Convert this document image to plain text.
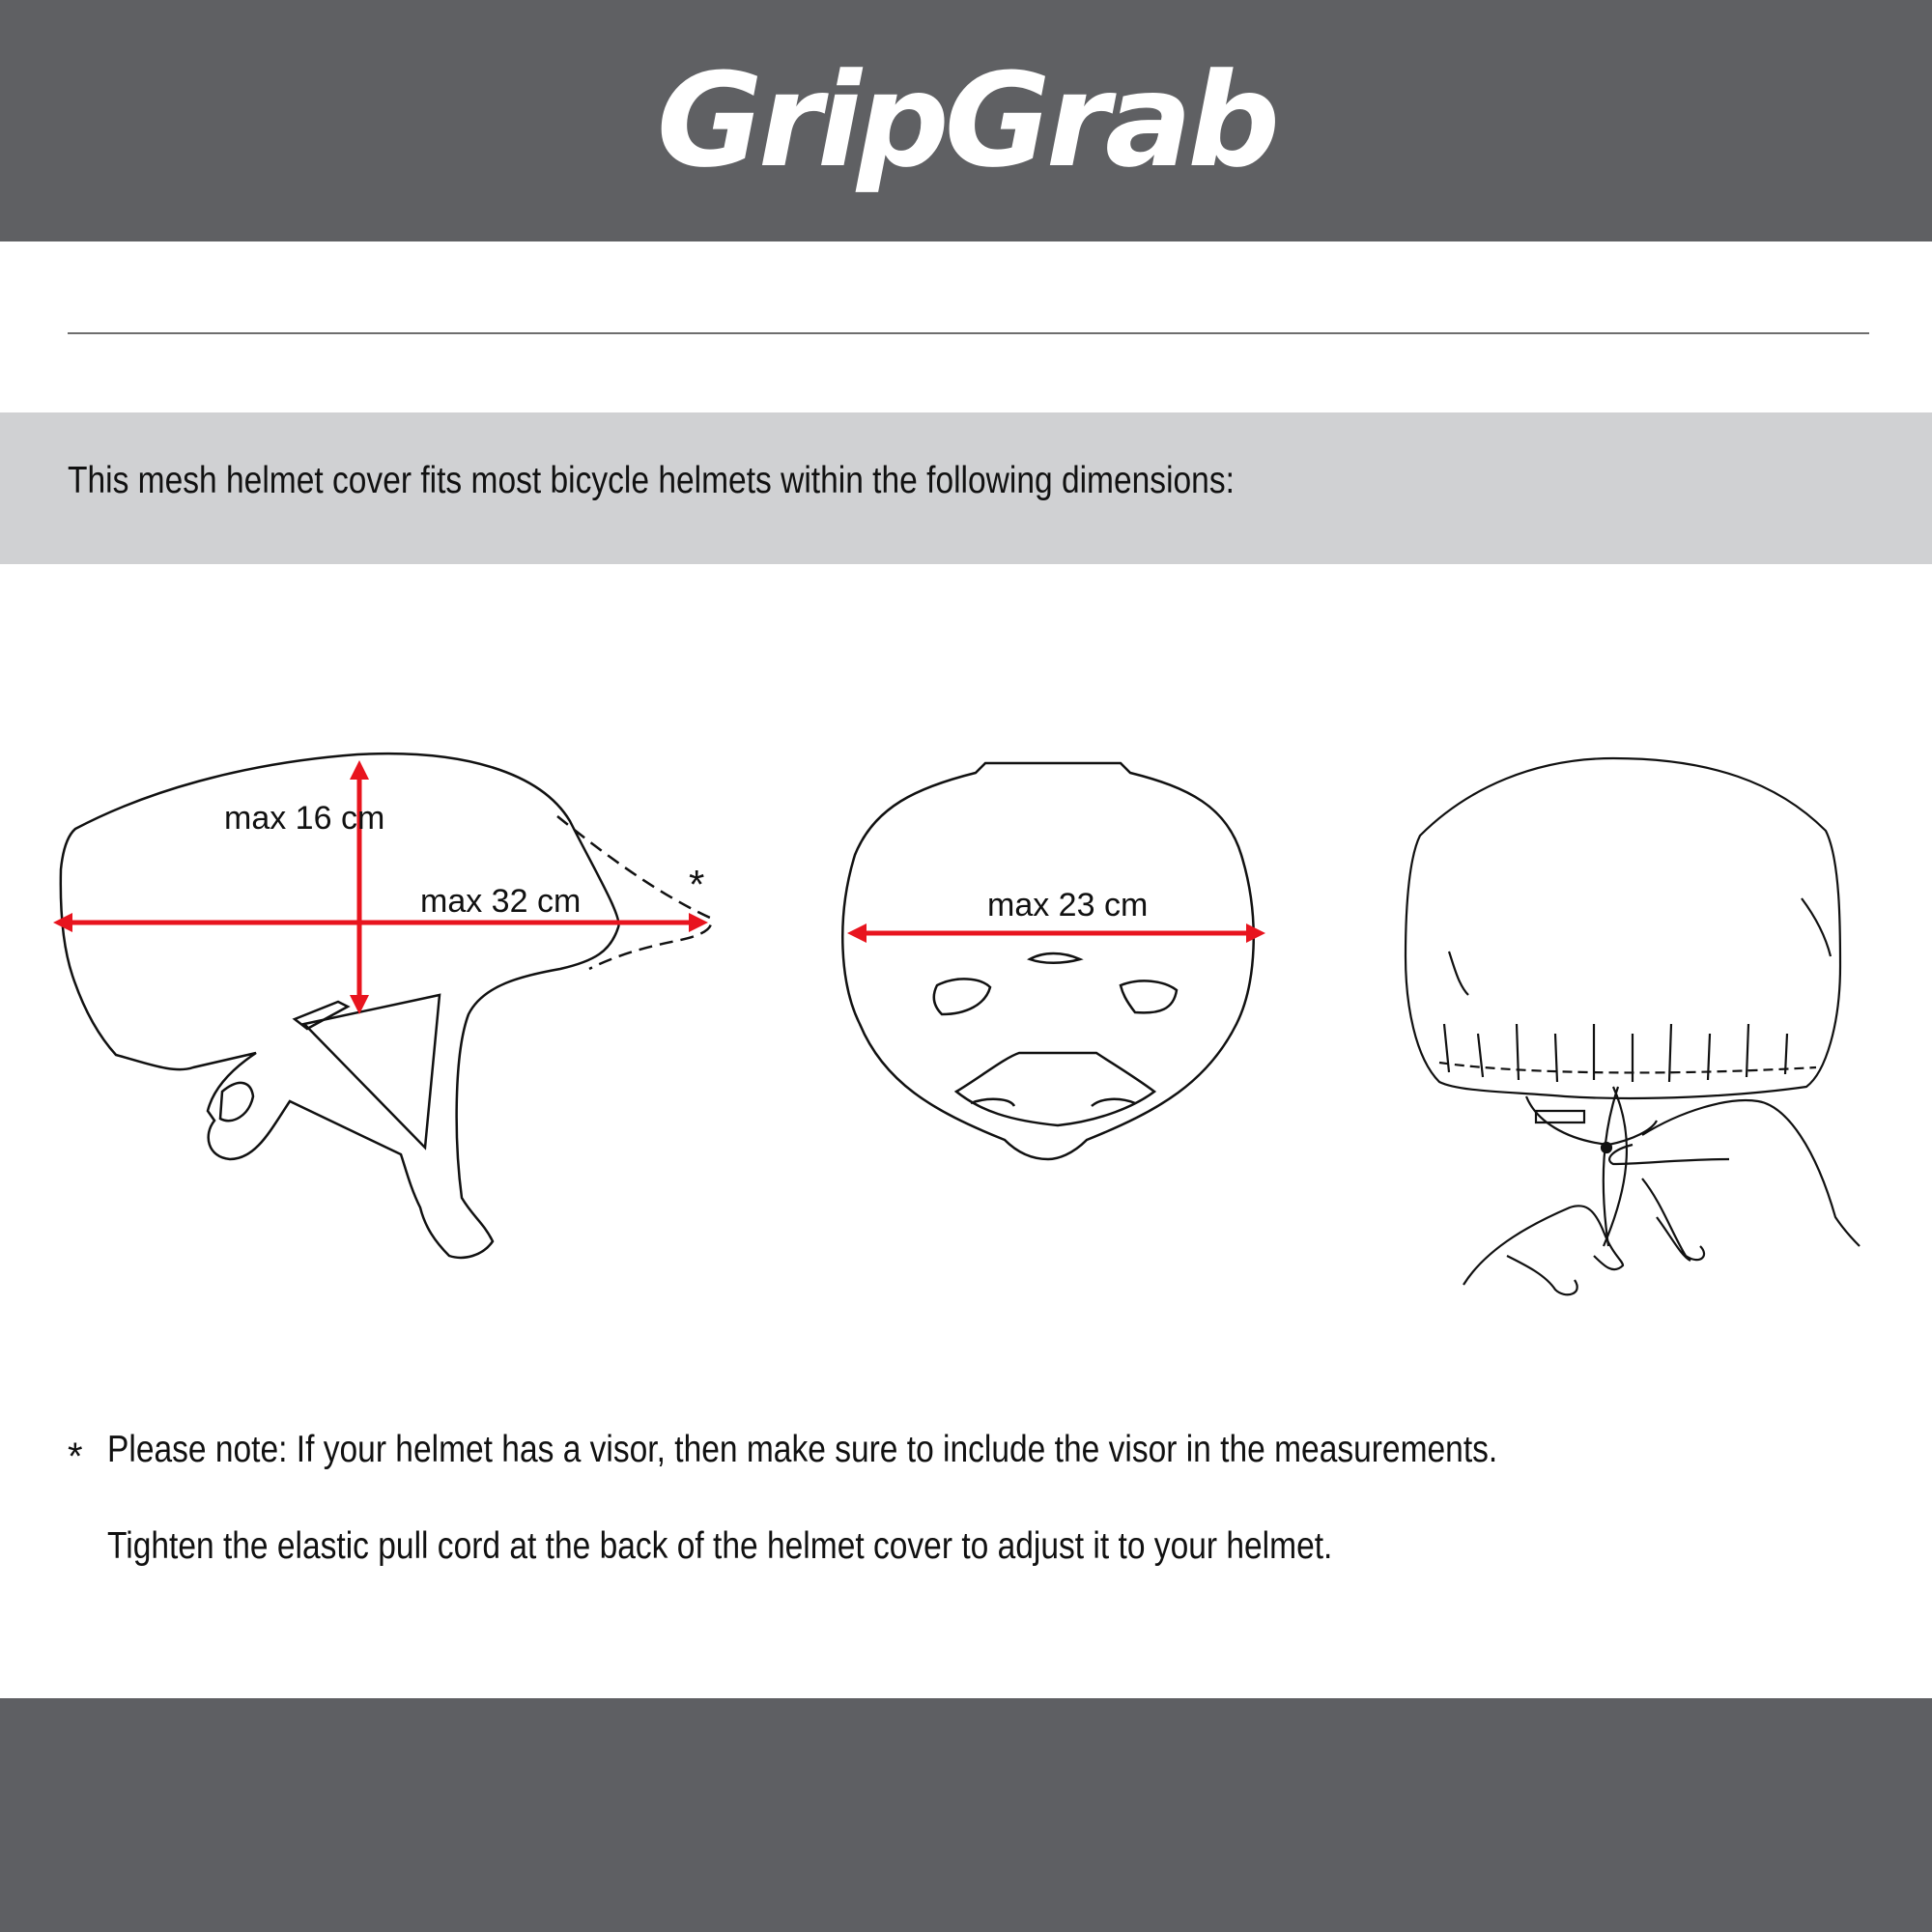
GripGrab
This mesh helmet cover fits most bicycle helmets within the following dimensions:
max 16 cm
max 32 cm	*	max 23 cm
* Please note: If your helmet has a visor, then make sure to include the visor in the measurements.
Tighten the elastic pull cord at the back of the helmet cover to adjust it to your helmet.
